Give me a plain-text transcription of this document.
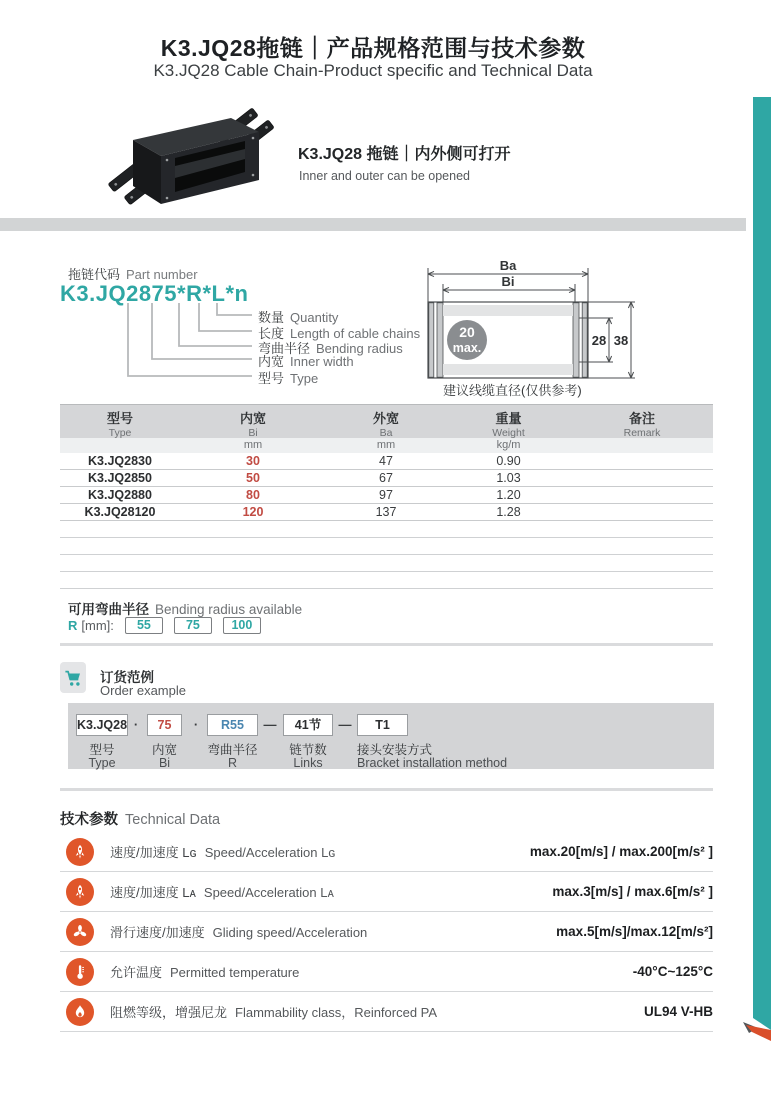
K3.JQ28拖链｜产品规格范围与技术参数
K3.JQ28 Cable Chain-Product specific and Technical Data
K3.JQ28 拖链｜内外侧可打开
Inner and outer can be opened
拖链代码 Part number
K3.JQ2875*R*L*n
数量 Quantity
长度 Length of cable chains
弯曲半径 Bending radius
内宽 Inner width
型号 Type
Ba
Bi
20
max.	28 38
建议线缆直径(仅供参考)
型号
Type
内宽
Bi
外宽
Ba
重量
Weight
备注
Remark
mm	mm	kg/m
K3.JQ2830	30	47	0.90
K3.JQ2850	50	67	1.03
K3.JQ2880	80	97	1.20
K3.JQ28120	120	137	1.28
可用弯曲半径 Bending radius available
R [mm]:	55	75	100
订货范例
Order example
K3.JQ28 ·	75	·	R55	—	41节	—	T1
型号
Type
内宽
Bi
弯曲半径
R
链节数
Links
接头安装方式
Bracket installation method
技术参数 Technical Data
速度/加速度 Lɢ Speed/Acceleration Lɢ	max.20[m/s] / max.200[m/s² ]
速度/加速度 Lᴀ Speed/Acceleration Lᴀ	max.3[m/s] / max.6[m/s² ]
滑行速度/加速度 Gliding speed/Acceleration	max.5[m/s]/max.12[m/s²]
允许温度 Permitted temperature	-40°C~125°C
阻燃等级，增强尼龙 Flammability class，Reinforced PA	UL94 V-HB
